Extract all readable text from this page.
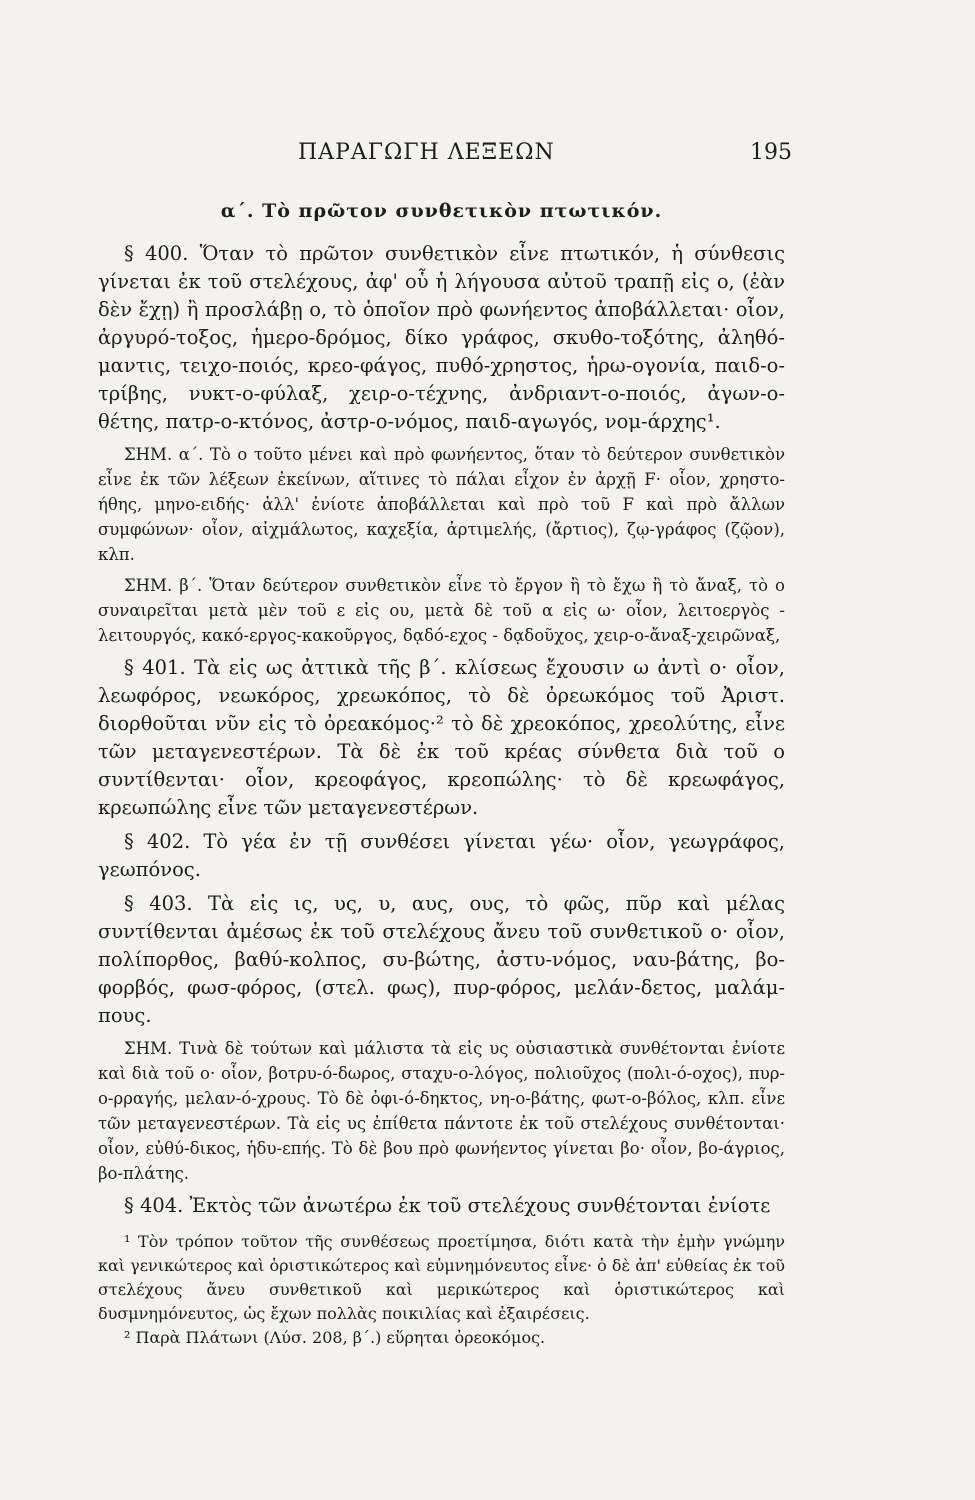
ΠΑΡΑΓΩΓΗ ΛΕΞΕΩΝ	195
α΄. Τὸ πρῶτον συνθετικὸν πτωτικόν.

§ 400. Ὅταν τὸ πρῶτον συνθετικὸν εἶνε πτωτικόν, ἡ σύνθεσις γίνεται ἐκ τοῦ στελέχους, ἀφ' οὗ ἡ λήγουσα αὐτοῦ τραπῇ εἰς ο, (ἐὰν δὲν ἔχῃ) ἢ προσλάβῃ ο, τὸ ὁποῖον πρὸ φωνήεντος ἀποβάλλεται· οἷον, ἀργυρό-τοξος, ἡμερο-δρόμος, δίκο γράφος, σκυθο-τοξότης, ἀληθό-μαντις, τειχο-ποιός, κρεο-φάγος, πυθό-χρηστος, ἡρω-ογονία, παιδ-ο-τρίβης, νυκτ-ο-φύλαξ, χειρ-ο-τέχνης, ἀνδριαντ-ο-ποιός, ἀγων-ο-θέτης, πατρ-ο-κτόνος, ἀστρ-ο-νόμος, παιδ-αγωγός, νομ-άρχης¹.

ΣΗΜ. α΄. Τὸ ο τοῦτο μένει καὶ πρὸ φωνήεντος, ὅταν τὸ δεύτερον συνθετικὸν εἶνε ἐκ τῶν λέξεων ἐκείνων, αἵτινες τὸ πάλαι εἶχον ἐν ἀρχῇ F· οἷον, χρηστο-ήθης, μηνο-ειδής· ἀλλ' ἐνίοτε ἀποβάλλεται καὶ πρὸ τοῦ F καὶ πρὸ ἄλλων συμφώνων· οἷον, αἰχμάλωτος, καχεξία, ἀρτιμελής, (ἄρτιος), ζῳ-γράφος (ζῷον), κλπ.

ΣΗΜ. β΄. Ὅταν δεύτερον συνθετικὸν εἶνε τὸ ἔργον ἢ τὸ ἔχω ἢ τὸ ἄναξ, τὸ ο συναιρεῖται μετὰ μὲν τοῦ ε εἰς ου, μετὰ δὲ τοῦ α εἰς ω· οἷον, λειτοεργὸς - λειτουργός, κακό-εργος-κακοῦργος, δᾳδό-εχος - δᾳδοῦχος, χειρ-ο-ἄναξ-χειρῶναξ,

§ 401. Τὰ εἰς ως ἀττικὰ τῆς β΄. κλίσεως ἔχουσιν ω ἀντὶ ο· οἷον, λεωφόρος, νεωκόρος, χρεωκόπος, τὸ δὲ ὀρεωκόμος τοῦ Ἀριστ. διορθοῦται νῦν εἰς τὸ ὀρεακόμος·² τὸ δὲ χρεοκόπος, χρεολύτης, εἶνε τῶν μεταγενεστέρων. Τὰ δὲ ἐκ τοῦ κρέας σύνθετα διὰ τοῦ ο συντίθενται· οἷον, κρεοφάγος, κρεοπώλης· τὸ δὲ κρεωφάγος, κρεωπώλης εἶνε τῶν μεταγενεστέρων.

§ 402. Τὸ γέα ἐν τῇ συνθέσει γίνεται γέω· οἷον, γεωγράφος, γεωπόνος.

§ 403. Τὰ εἰς ις, υς, υ, αυς, ους, τὸ φῶς, πῦρ καὶ μέλας συντίθενται ἀμέσως ἐκ τοῦ στελέχους ἄνευ τοῦ συνθετικοῦ ο· οἷον, πολίπορθος, βαθύ-κολπος, συ-βώτης, ἀστυ-νόμος, ναυ-βάτης, βο-φορβός, φωσ-φόρος, (στελ. φως), πυρ-φόρος, μελάν-δετος, μαλάμ-πους.

ΣΗΜ. Τινὰ δὲ τούτων καὶ μάλιστα τὰ εἰς υς οὐσιαστικὰ συνθέτονται ἐνίοτε καὶ διὰ τοῦ ο· οἷον, βοτρυ-ό-δωρος, σταχυ-ο-λόγος, πολιοῦχος (πολι-ό-οχος), πυρ-ο-ρραγής, μελαν-ό-χρους. Τὸ δὲ ὀφι-ό-δηκτος, νη-ο-βάτης, φωτ-ο-βόλος, κλπ. εἶνε τῶν μεταγενεστέρων. Τὰ εἰς υς ἐπίθετα πάντοτε ἐκ τοῦ στελέχους συνθέτονται· οἷον, εὐθύ-δικος, ἡδυ-επής. Τὸ δὲ βου πρὸ φωνήεντος γίνεται βο· οἷον, βο-άγριος, βο-πλάτης.

§ 404. Ἐκτὸς τῶν ἀνωτέρω ἐκ τοῦ στελέχους συνθέτονται ἐνίοτε

¹ Τὸν τρόπον τοῦτον τῆς συνθέσεως προετίμησα, διότι κατὰ τὴν ἐμὴν γνώμην καὶ γενικώτερος καὶ ὁριστικώτερος καὶ εὐμνημόνευτος εἶνε· ὁ δὲ ἀπ' εὐθείας ἐκ τοῦ στελέχους ἄνευ συνθετικοῦ καὶ μερικώτερος καὶ ὁριστικώτερος καὶ δυσμνημόνευτος, ὡς ἔχων πολλὰς ποικιλίας καὶ ἐξαιρέσεις.

² Παρὰ Πλάτωνι (Λύσ. 208, β΄.) εὕρηται ὀρεοκόμος.
